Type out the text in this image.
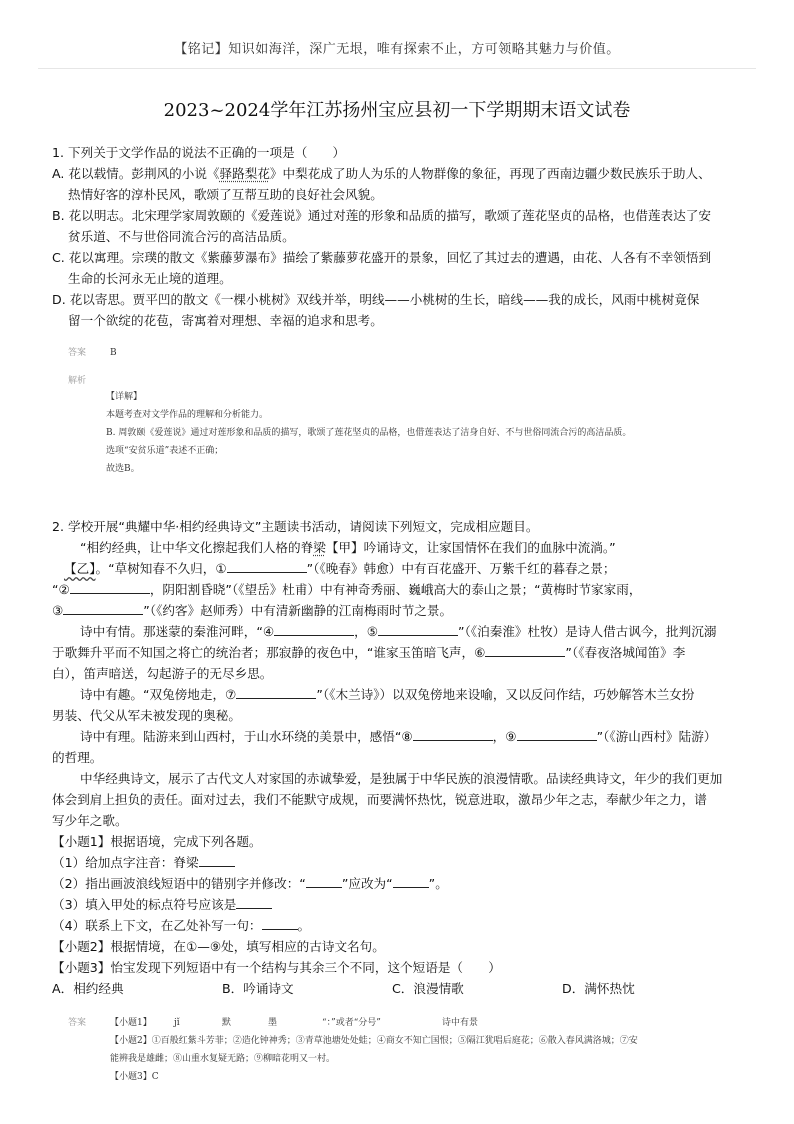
【铭记】知识如海洋，深广无垠，唯有探索不止，方可领略其魅力与价值。
2023~2024学年江苏扬州宝应县初一下学期期末语文试卷
1. 下列关于文学作品的说法不正确的一项是（　　）
A. 花以载情。彭荆风的小说《驿路梨花》中梨花成了助人为乐的人物群像的象征，再现了西南边疆少数民族乐于助人、
热情好客的淳朴民风，歌颂了互帮互助的良好社会风貌。
B. 花以明志。北宋理学家周敦颐的《爱莲说》通过对莲的形象和品质的描写，歌颂了莲花坚贞的品格，也借莲表达了安
贫乐道、不与世俗同流合污的高洁品质。
C. 花以寓理。宗璞的散文《紫藤萝瀑布》描绘了紫藤萝花盛开的景象，回忆了其过去的遭遇，由花、人各有不幸领悟到
生命的长河永无止境的道理。
D. 花以寄思。贾平凹的散文《一棵小桃树》双线并举，明线——小桃树的生长，暗线——我的成长，风雨中桃树竟保
留一个欲绽的花苞，寄寓着对理想、幸福的追求和思考。
答案	B
解析
【详解】
本题考查对文学作品的理解和分析能力。
B. 周敦颐《爱莲说》通过对莲形象和品质的描写，歌颂了莲花坚贞的品格，也借莲表达了洁身自好、不与世俗同流合污的高洁品质。
选项“安贫乐道”表述不正确；
故选B。
2. 学校开展“典耀中华·相约经典诗文”主题读书活动，请阅读下列短文，完成相应题目。
“相约经典，让中华文化擦起我们人格的脊梁【甲】吟诵诗文，让家国情怀在我们的血脉中流淌。”
【乙】。“草树知春不久归，①	”（《晚春》韩愈）中有百花盛开、万紫千红的暮春之景；
“②	，阴阳割昏晓”（《望岳》杜甫）中有神奇秀丽、巍峨高大的泰山之景；“黄梅时节家家雨，
③	”（《约客》赵师秀）中有清新幽静的江南梅雨时节之景。
诗中有情。那迷蒙的秦淮河畔，“④	，⑤	”（《泊秦淮》杜牧）是诗人借古讽今，批判沉溺
于歌舞升平而不知国之将亡的统治者；那寂静的夜色中，“谁家玉笛暗飞声，⑥	”（《春夜洛城闻笛》李
白），笛声暗送，勾起游子的无尽乡思。
诗中有趣。“双兔傍地走，⑦	”（《木兰诗》）以双兔傍地来设喻，又以反问作结，巧妙解答木兰女扮
男装、代父从军未被发现的奥秘。
诗中有理。陆游来到山西村，于山水环绕的美景中，感悟“⑧	，⑨	”（《游山西村》陆游）
的哲理。
中华经典诗文，展示了古代文人对家国的赤诚挚爱，是独属于中华民族的浪漫情歌。品读经典诗文，年少的我们更加
体会到肩上担负的责任。面对过去，我们不能默守成规，而要满怀热忱，锐意进取，激昂少年之志，奉献少年之力，谱
写少年之歌。
【小题1】根据语境，完成下列各题。
（1）给加点字注音：脊梁
（2）指出画波浪线短语中的错别字并修改：“	”应改为“	”。
（3）填入甲处的标点符号应该是
（4）联系上下文，在乙处补写一句：	。
【小题2】根据情境，在①—⑨处，填写相应的古诗文名句。
【小题3】怡宝发现下列短语中有一个结构与其余三个不同，这个短语是（　　）
A．相约经典	B．吟诵诗文	C．浪漫情歌	D．满怀热忱
答案	【小题1】 jǐ	默	墨	“：”或者“分号”	诗中有景
【小题2】①百般红紫斗芳菲；②造化钟神秀；③青草池塘处处蛙；④商女不知亡国恨；⑤隔江犹唱后庭花；⑥散入春风满洛城；⑦安
能辨我是雄雌；⑧山重水复疑无路；⑨柳暗花明又一村。
【小题3】C
